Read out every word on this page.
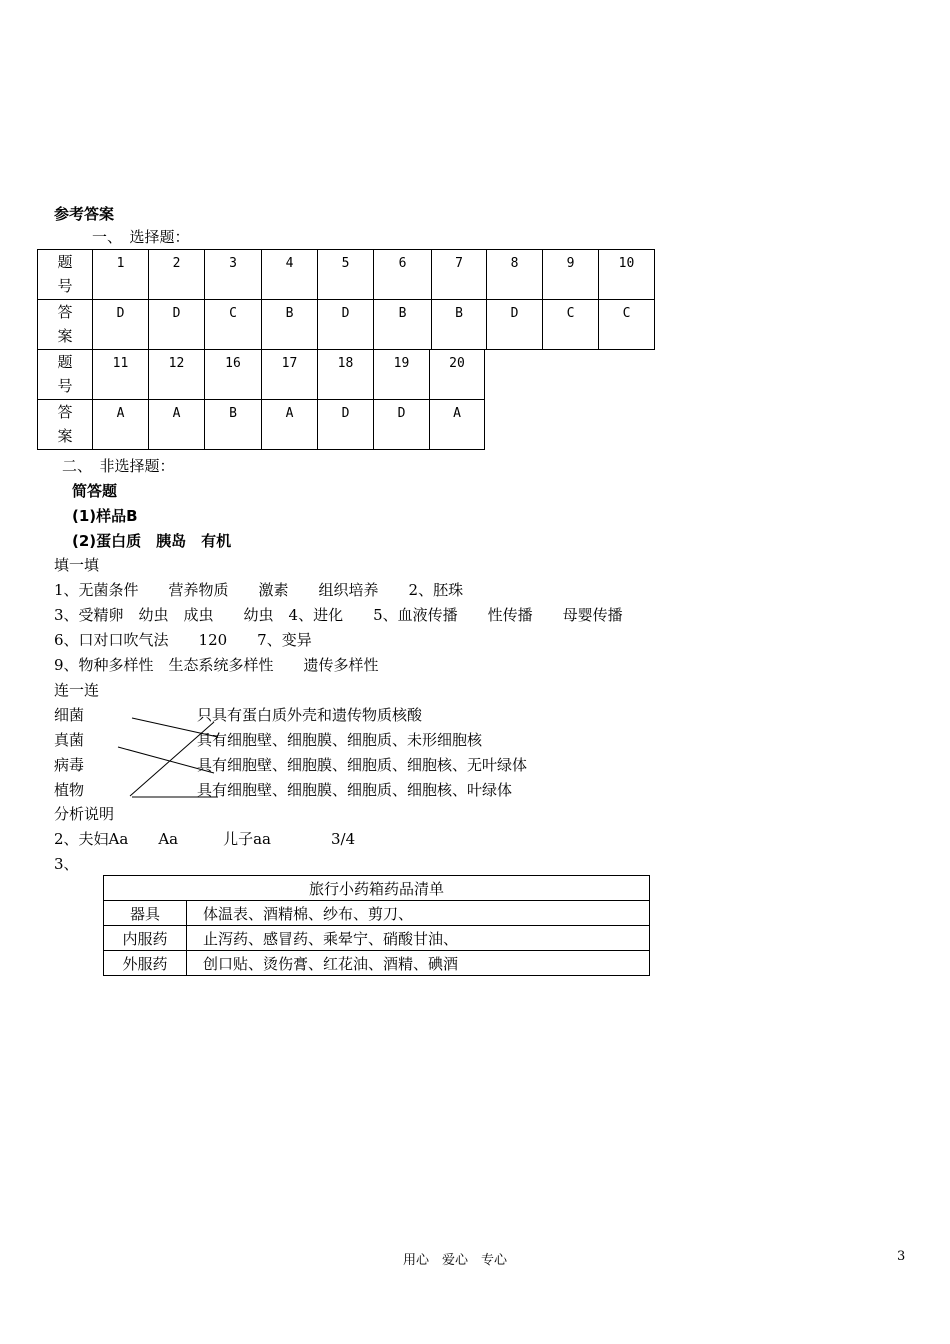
参考答案
一、　选择题：
题
号	1	2	3	4	5	6	7	8	9	10
答
案	D	D	C	B	D	B	B	D	C	C
题
号	11	12	16	17	18	19	20
答
案	A	A	B	A	D	D	A
二、　非选择题：
简答题
(1)样品B
(2)蛋白质　胰岛　有机
填一填
1、无菌条件　　营养物质　　激素　　组织培养　　2、胚珠
3、受精卵　幼虫　成虫　　幼虫　4、进化　　5、血液传播　　性传播　　母婴传播
6、口对口吹气法　　120　　7、变异
9、物种多样性　生态系统多样性　　遗传多样性
连一连
细菌
真菌
病毒
植物
只具有蛋白质外壳和遗传物质核酸
具有细胞壁、细胞膜、细胞质、未形细胞核
具有细胞壁、细胞膜、细胞质、细胞核、无叶绿体
具有细胞壁、细胞膜、细胞质、细胞核、叶绿体
分析说明
2、夫妇Aa　　Aa　　　儿子aa　　　　3/4
3、
旅行小药箱药品清单	
器具	体温表、酒精棉、纱布、剪刀、
内服药	止泻药、感冒药、乘晕宁、硝酸甘油、
外服药	创口贴、烫伤膏、红花油、酒精、碘酒
用心　爱心　专心	3
